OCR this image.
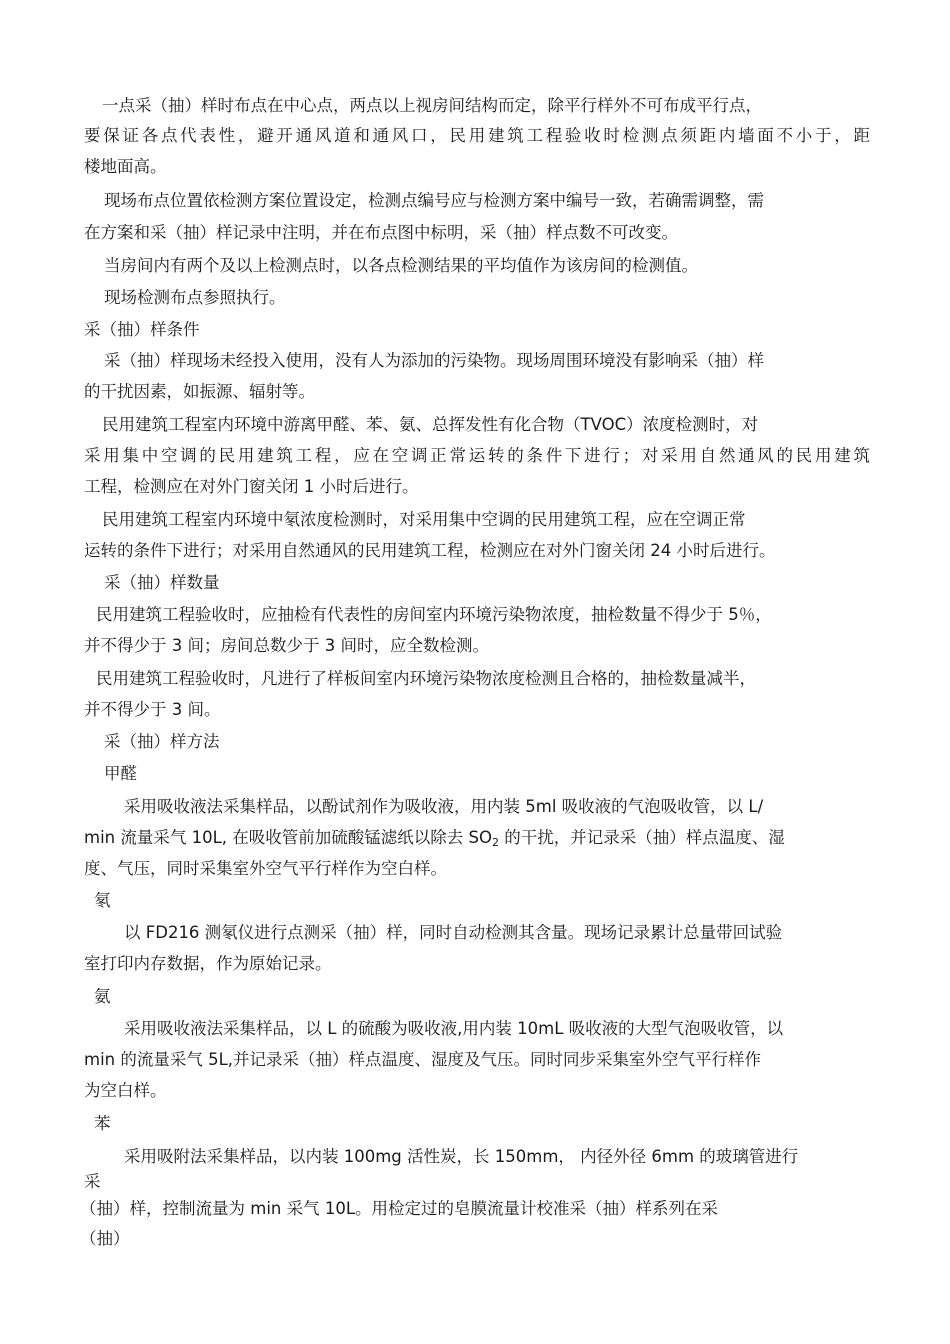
一点采（抽）样时布点在中心点，两点以上视房间结构而定，除平行样外不可布成平行点，
要保证各点代表性，避开通风道和通风口，民用建筑工程验收时检测点须距内墙面不小于，距
楼地面高。
现场布点位置依检测方案位置设定，检测点编号应与检测方案中编号一致，若确需调整，需
在方案和采（抽）样记录中注明，并在布点图中标明，采（抽）样点数不可改变。
当房间内有两个及以上检测点时，以各点检测结果的平均值作为该房间的检测值。
现场检测布点参照执行。
采（抽）样条件
采（抽）样现场未经投入使用，没有人为添加的污染物。现场周围环境没有影响采（抽）样
的干扰因素，如振源、辐射等。
民用建筑工程室内环境中游离甲醛、苯、氨、总挥发性有化合物（TVOC）浓度检测时，对
采用集中空调的民用建筑工程，应在空调正常运转的条件下进行；对采用自然通风的民用建筑
工程，检测应在对外门窗关闭 1 小时后进行。
民用建筑工程室内环境中氡浓度检测时，对采用集中空调的民用建筑工程，应在空调正常
运转的条件下进行；对采用自然通风的民用建筑工程，检测应在对外门窗关闭 24 小时后进行。
采（抽）样数量
民用建筑工程验收时，应抽检有代表性的房间室内环境污染物浓度，抽检数量不得少于 5％，
并不得少于 3 间；房间总数少于 3 间时，应全数检测。
民用建筑工程验收时，凡进行了样板间室内环境污染物浓度检测且合格的，抽检数量减半，
并不得少于 3 间。
采（抽）样方法
甲醛
采用吸收液法采集样品，以酚试剂作为吸收液，用内装 5ml 吸收液的气泡吸收管，以 L/
min 流量采气 10L, 在吸收管前加硫酸锰滤纸以除去 $SO_2$ 的干扰，并记录采（抽）样点温度、湿
度、气压，同时采集室外空气平行样作为空白样。
氡
以 FD216 测氡仪进行点测采（抽）样，同时自动检测其含量。现场记录累计总量带回试验
室打印内存数据，作为原始记录。
氨
采用吸收液法采集样品，以 L 的硫酸为吸收液,用内装 10mL 吸收液的大型气泡吸收管，以
min 的流量采气 5L,并记录采（抽）样点温度、湿度及气压。同时同步采集室外空气平行样作
为空白样。
苯
采用吸附法采集样品，以内装 100mg 活性炭，长 150mm， 内径外径 6mm 的玻璃管进行
采
（抽）样，控制流量为 min 采气 10L。用检定过的皂膜流量计校准采（抽）样系列在采
（抽）
